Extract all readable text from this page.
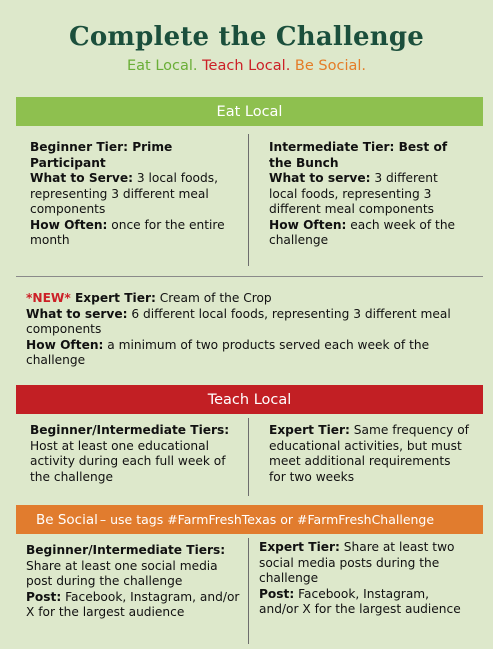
Complete the Challenge
Eat Local. Teach Local. Be Social.
Eat Local
Beginner Tier: Prime Participant
What to Serve: 3 local foods, representing 3 different meal components
How Often: once for the entire month
Intermediate Tier: Best of the Bunch
What to serve: 3 different local foods, representing 3 different meal components
How Often: each week of the challenge
*NEW* Expert Tier: Cream of the Crop
What to serve: 6 different local foods, representing 3 different meal components
How Often: a minimum of two products served each week of the challenge
Teach Local
Beginner/Intermediate Tiers: Host at least one educational activity during each full week of the challenge
Expert Tier: Same frequency of educational activities, but must meet additional requirements for two weeks
Be Social – use tags #FarmFreshTexas or #FarmFreshChallenge
Beginner/Intermediate Tiers: Share at least one social media post during the challenge
Post: Facebook, Instagram, and/or X for the largest audience
Expert Tier: Share at least two social media posts during the challenge
Post: Facebook, Instagram, and/or X for the largest audience
